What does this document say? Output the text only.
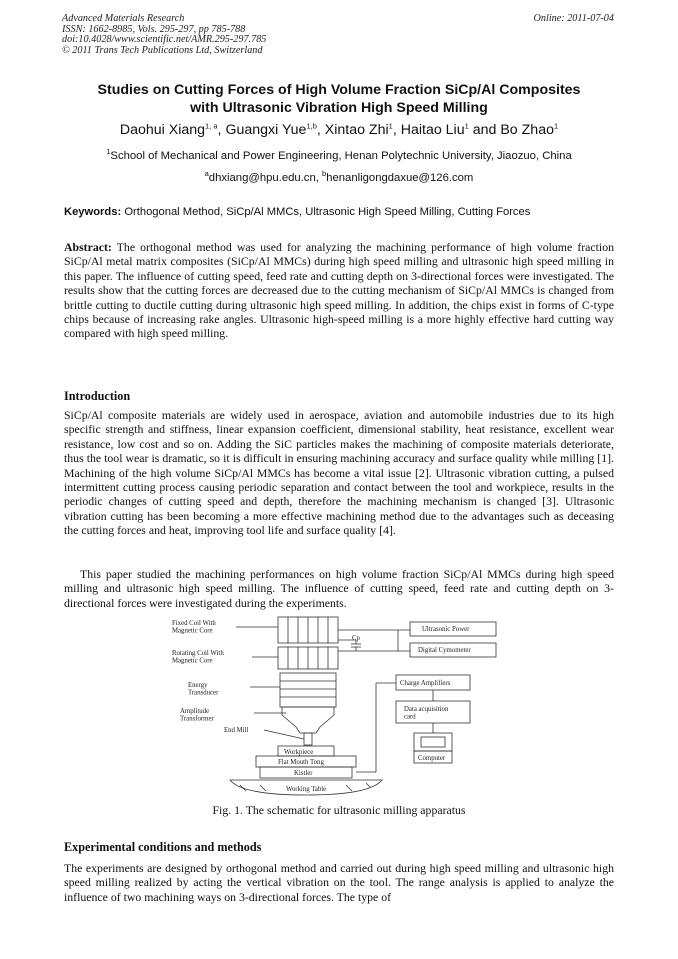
Advanced Materials Research
ISSN: 1662-8985, Vols. 295-297, pp 785-788
doi:10.4028/www.scientific.net/AMR.295-297.785
© 2011 Trans Tech Publications Ltd, Switzerland
Online: 2011-07-04
Studies on Cutting Forces of High Volume Fraction SiCp/Al Composites
with Ultrasonic Vibration High Speed Milling
Daohui Xiang$^{1, a}$, Guangxi Yue$^{1,b}$, Xintao Zhi$^1$, Haitao Liu$^1$ and Bo Zhao$^1$
$^1$School of Mechanical and Power Engineering, Henan Polytechnic University, Jiaozuo, China
$^a$dhxiang@hpu.edu.cn, $^b$henanligongdaxue@126.com
Keywords: Orthogonal Method, SiCp/Al MMCs, Ultrasonic High Speed Milling, Cutting Forces
Abstract: The orthogonal method was used for analyzing the machining performance of high volume fraction SiCp/Al metal matrix composites (SiCp/Al MMCs) during high speed milling and ultrasonic high speed milling in this paper. The influence of cutting speed, feed rate and cutting depth on 3-directional forces were investigated. The results show that the cutting forces are decreased due to the cutting mechanism of SiCp/Al MMCs is changed from brittle cutting to ductile cutting during ultrasonic high speed milling. In addition, the chips exist in forms of C-type chips because of increasing rake angles. Ultrasonic high-speed milling is a more highly effective hard cutting way compared with high speed milling.
Introduction
SiCp/Al composite materials are widely used in aerospace, aviation and automobile industries due to its high specific strength and stiffness, linear expansion coefficient, dimensional stability, heat resistance, excellent wear resistance, low cost and so on. Adding the SiC particles makes the machining of composite materials deteriorate, thus the tool wear is dramatic, so it is difficult in ensuring machining accuracy and surface quality while milling [1]. Machining of the high volume SiCp/Al MMCs has become a vital issue [2]. Ultrasonic vibration cutting, a pulsed intermittent cutting process causing periodic separation and contact between the tool and workpiece, results in the periodic changes of cutting speed and depth, therefore the machining mechanism is changed [3]. Ultrasonic vibration cutting has been becoming a more effective machining method due to the advantages such as deceasing the cutting forces and heat, improving tool life and surface quality [4].
This paper studied the machining performances on high volume fraction SiCp/Al MMCs during high speed milling and ultrasonic high speed milling. The influence of cutting speed, feed rate and cutting depth on 3-directional forces were investigated during the experiments.
Fixed Coil With Magnetic Core
Rotating Coil With Magnetic Core
Energy Transducer
Amplitude Transformer
End Mill
Workpiece
Flat Mouth Tong
Kistler
Working Table
Cp
Ultrasonic Power
Digital Cymometer
Charge Amplifiers
Data acquisition card
Computer
Fig. 1. The schematic for ultrasonic milling apparatus
Experimental conditions and methods
The experiments are designed by orthogonal method and carried out during high speed milling and ultrasonic high speed milling realized by acting the vertical vibration on the tool. The range analysis is applied to analyze the influence of two machining ways on 3-directional forces. The type of
